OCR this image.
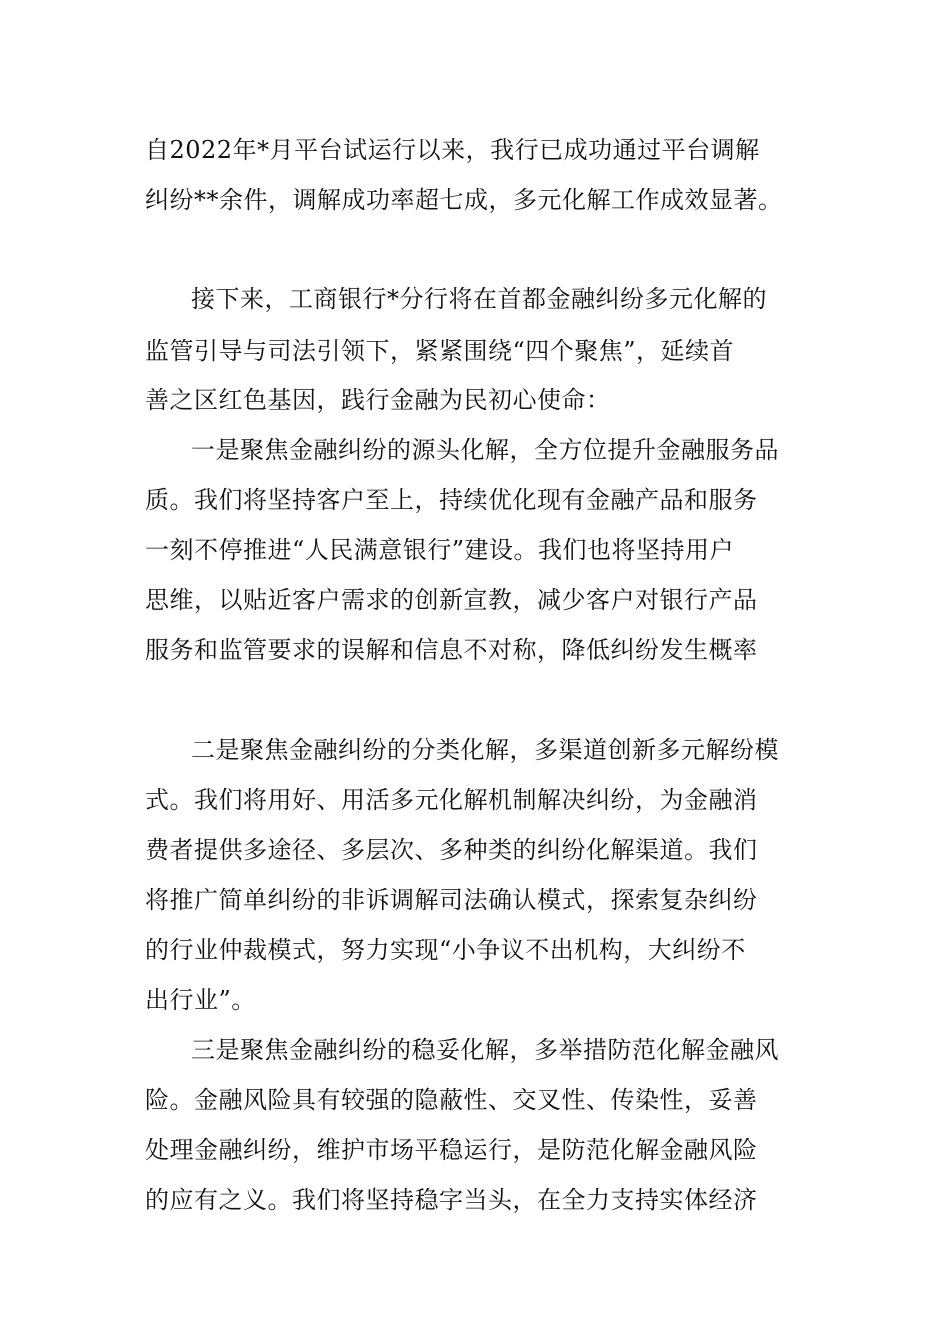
自2022年*月平台试运行以来，我行已成功通过平台调解
纠纷**余件，调解成功率超七成，多元化解工作成效显著。
接下来，工商银行*分行将在首都金融纠纷多元化解的
监管引导与司法引领下，紧紧围绕“四个聚焦”，延续首
善之区红色基因，践行金融为民初心使命：
一是聚焦金融纠纷的源头化解，全方位提升金融服务品
质。我们将坚持客户至上，持续优化现有金融产品和服务
一刻不停推进“人民满意银行”建设。我们也将坚持用户
思维，以贴近客户需求的创新宣教，减少客户对银行产品
服务和监管要求的误解和信息不对称，降低纠纷发生概率
二是聚焦金融纠纷的分类化解，多渠道创新多元解纷模
式。我们将用好、用活多元化解机制解决纠纷，为金融消
费者提供多途径、多层次、多种类的纠纷化解渠道。我们
将推广简单纠纷的非诉调解司法确认模式，探索复杂纠纷
的行业仲裁模式，努力实现“小争议不出机构，大纠纷不
出行业”。
三是聚焦金融纠纷的稳妥化解，多举措防范化解金融风
险。金融风险具有较强的隐蔽性、交叉性、传染性，妥善
处理金融纠纷，维护市场平稳运行，是防范化解金融风险
的应有之义。我们将坚持稳字当头，在全力支持实体经济
